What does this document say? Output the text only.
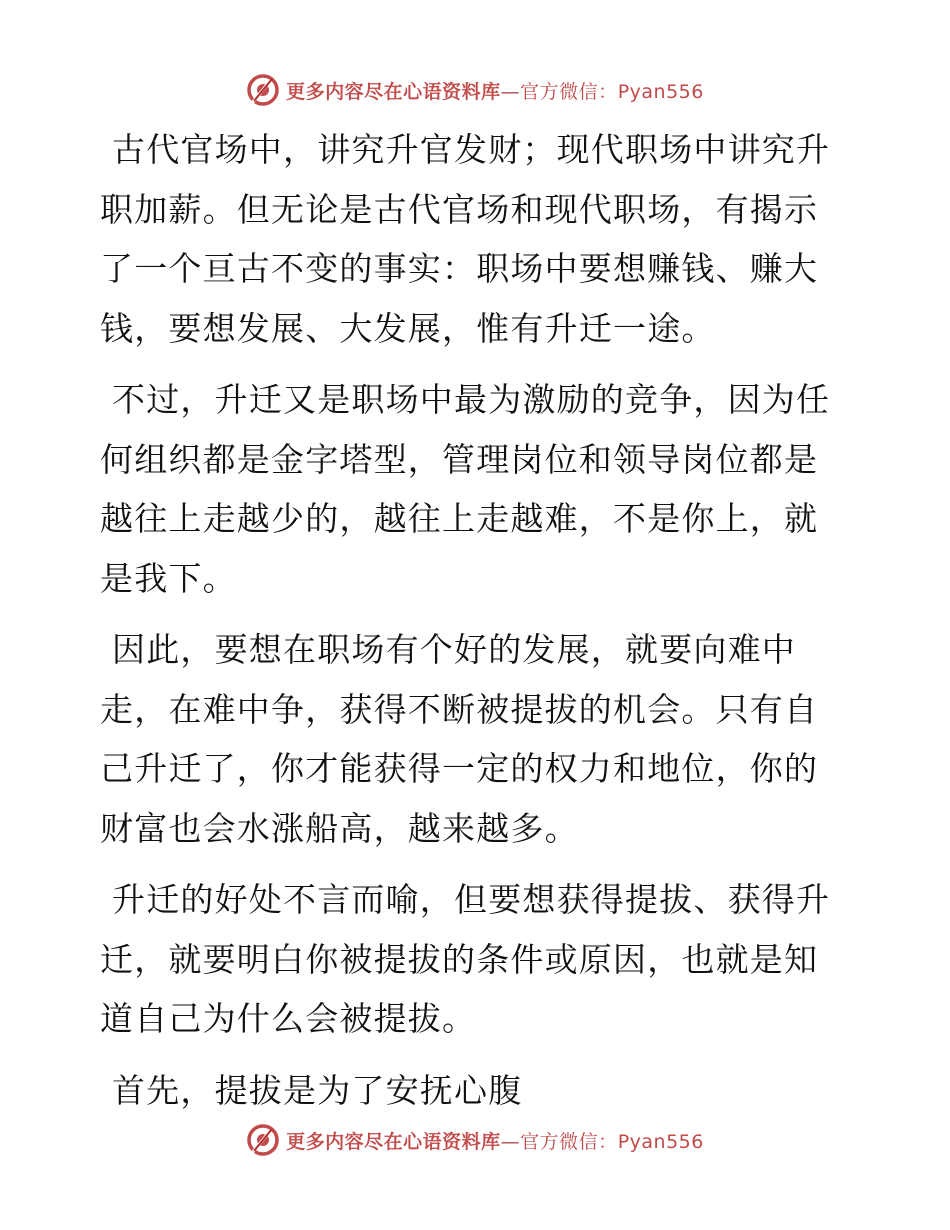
更多内容尽在心语资料库—官方微信：Pyan556

古代官场中，讲究升官发财；现代职场中讲究升职加薪。但无论是古代官场和现代职场，有揭示了一个亘古不变的事实：职场中要想赚钱、赚大钱，要想发展、大发展，惟有升迁一途。

不过，升迁又是职场中最为激励的竞争，因为任何组织都是金字塔型，管理岗位和领导岗位都是越往上走越少的，越往上走越难，不是你上，就是我下。

因此，要想在职场有个好的发展，就要向难中走，在难中争，获得不断被提拔的机会。只有自己升迁了，你才能获得一定的权力和地位，你的财富也会水涨船高，越来越多。

升迁的好处不言而喻，但要想获得提拔、获得升迁，就要明白你被提拔的条件或原因，也就是知道自己为什么会被提拔。

首先，提拔是为了安抚心腹

更多内容尽在心语资料库—官方微信：Pyan556
